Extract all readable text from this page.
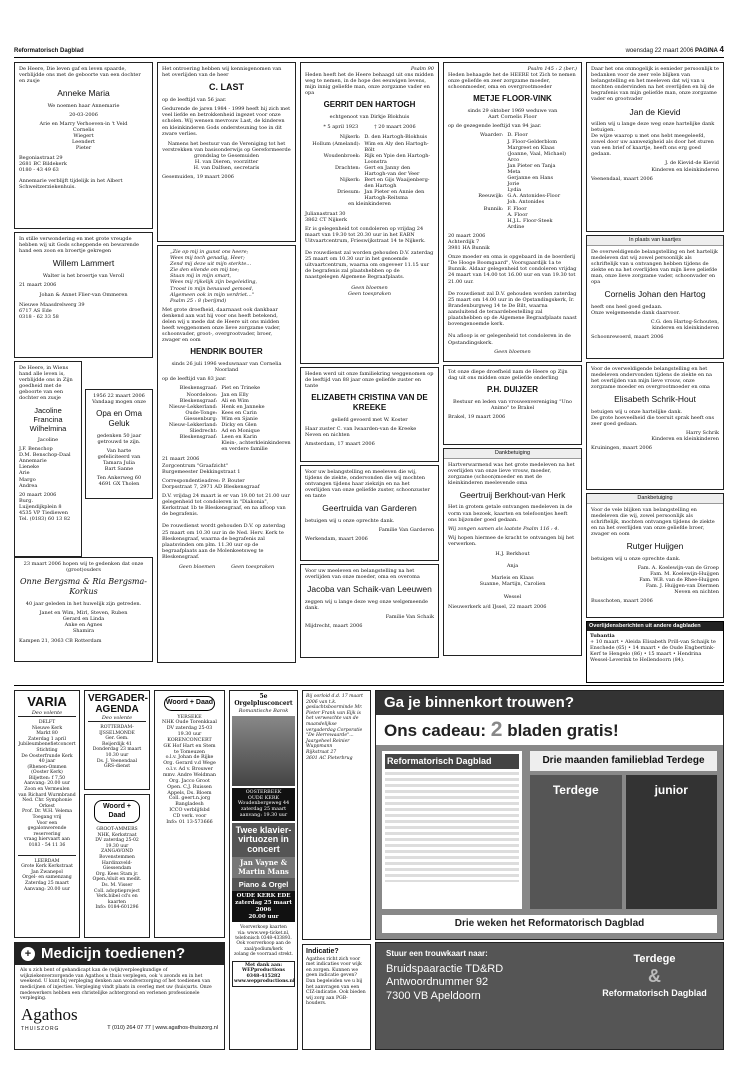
Reformatorisch Dagblad	woensdag 22 maart 2006 PAGINA 4
De Heere, Die leven gaf en leven spaarde, verblijdde ons met de geboorte van een dochter en zusje
Anneke Maria
We noemen haar Annemarie
20-03-2006
Arie en Marry Verhoeven-in 't Veld
Cornelis
Wiegert
Leendert
Pieter
Begoniastraat 29
2681 BC Bildekerk
0180 - 43 49 63
Annemarie verblijft tijdelijk in het Albert Schweitzerziekenhuis.
In stille verwondering en met grote vreugde hebben wij uit Gods scheppende en bewarende hand een zoon en broertje gekregen
Willem Lammert
Walter is het broertje van Veroll
21 maart 2006
Johan & Annet Flier-van Ommeren
Nieuwe Maasdrelwerg 39
6717 AS Ede
0318 - 62 33 58
De Heere, in Wiens hand alle leven is, verblijdde ons in Zijn goedheid met de geboorte van een dochter en zusje
Jacoline Francina Wilhelmina
Jacoline
J.F. Benschop
D.M. Benschop-Daal
Annemarie
Lieneke
Arie
Margo
Andrea
20 maart 2006
Burg.
Luijendijkplein 8
4535 VP Tiediewen
Tel. (0183) 60 13 82
1956 22 maart 2006
Vandaag mogen onze
Opa en Oma Geluk
gedenken 50 jaar getrouwd te zijn.
Van harte gefeliciteerd van
Tamara Julia
Bart Sanne
Ten Ankerweg 60
4691 GX Tholen
23 maart 2006 hopen wij te gedenken dat onze (groot)ouders
Onne Bergsma & Ria Bergsma-Korkus
40 jaar geleden in het huwelijk zijn getreden.
Janet en Wim, Mirl, Steven, Ruben
Gerard en Linda
Anke en Agnes
Shamira
Kampen 21, 3063 CB Rotterdam
Het ontroering hebben wij kennisgenomen van het overlijden van de heer
C. LAST
op de leeftijd van 56 jaar.
Gedurende de jaren 1984 - 1999 heeft hij zich met veel liefde en betrokkenheid ingezet voor onze scholen. Wij wensen mevrouw Last, de kinderen en kleinkinderen Gods ondersteuning toe in dit zware verlies.
Namens het bestuur van de Vereniging tot het verstrekken van basisonderwijs op Gereformeerde grondslag te Gesemuiden
H. van Dieren, voorzitter
H. van Dalfsen, secretaris
Gesemuiden, 19 maart 2006
„Zie op mij in gunst ons heere;
Wees mij toch genadig, Heer;
Zend mij deze uit mijn sterkte...
Zie den ellende om mij toe;
Staan mij in mijn smart,
Wees mij rijkelijk zijn begeleiding,
Troost in mijn benauwd gemoed,
Algemeen ook in mijn verdriet..."
Psalm 25 : 8 (berijmd)
Met grote droefheid, daarnaast ook dankbaar denkend aan wat hij voor ons heeft betekend, delen wij u mede dat de Heere uit ons midden heeft weggenomen onze lieve zorgzame vader, schoonvader, groot-, overgrootvader, broer, zwager en oom
HENDRIK BOUTER
sinds 26 juli 1996 weduwnaar van Cornelia Noorland
op de leeftijd van 83 jaar.
Bleskensgraaf: Piet en Trineke
Noordeloos: Jan en Elly
Bleskensgraaf: Ali en Wim
Nieuw-Lekkerland: Henk en Janneke
Oude-Tonge: Kees en Carin
Giessenburg: Wim en Sjanie
Nieuw-Lekkerland: Dicky en Glen
Sliedrecht: Ad en Monique
Bleskensgraaf: Leen en Karin
Klein-, achterkleinkinderen en verdere familie
21 maart 2006
Zorgcentrum "Graafzicht"
Burgemeester Dekkingstraat 1
Correspondentieadres: P. Bouter
Dorpsstraat 7, 2971 AD Bleskensgraaf
D.V. vrijdag 24 maart is er van 19.00 tot 21.00 uur gelegenheid tot condoleren in "Diakonia", Kerkstraat 1b te Bleskensgraaf, en na afloop van de begrafenis.

De rouwdienst wordt gehouden D.V. op zaterdag 25 maart om 10.30 uur in de Ned. Herv. Kerk te Bleskensgraaf, waarna de begrafenis zal plaatsvinden om plm. 11.30 uur op de begraafplaats aan de Molenkeetsweg te Bleskensgraaf.
Geen bloemen          Geen toespraken
Psalm 90
Heden heeft het de Heere behaagd uit ons midden weg te nemen, in de hope des eeuwigen levens, mijn innig geliefde man, onze zorgzame vader en opa
GERRIT DEN HARTOGH
echtgenoot van Dirkje Blokhuis
* 5 april 1923          † 20 maart 2006
Nijkerk: D. den Hartogh-Blokhuis
Hollum (Ameland): Wim en Aly den Hartogh-Bölt
Woudenbroek: Rijk en Ypie den Hartogh-Loonstra
Drachten: Gert en Janny den Hartogh-van der Veer
Nijkerk: Bert en Gijs Waaijenberg-den Hartogh
Driesum: Jan Pieter en Annie den Hartogh-Reitsma
en kleinkinderen
Julianastraat 30
3862 CT Nijkerk
Er is gelegenheid tot condoleren op vrijdag 24 maart van 19.30 tot 20.30 uur in het EABN Uitvaartcentrum, Frieswijkstraat 14 te Nijkerk.

De rouwdienst zal worden gehouden D.V. zaterdag 25 maart om 10.30 uur in het genoemde uitvaartcentrum, waarna om ongeveer 11.15 uur de begrafenis zal plaatshebben op de naastgelegen Algemene Begraafplaats.
Geen bloemen
Geen toespraken
Heden werd uit onze familiekring weggenomen op de leeftijd van 88 jaar onze geliefde zuster en tante
ELIZABETH CRISTINA VAN DE KREEKE
geliefd gevoerd met W. Koster
Haar zuster C. van Iwaarden-van de Kreeke
Neven en nichten
Amsterdam, 17 maart 2006
Voor uw belangstelling en meeleven die wij, tijdens de ziekte, ondervonden die wij mochten ontvangen tijdens haar ziekzijn en na het overlijden van onze geliefde zuster, schoonzuster en tante
Geertruida van Garderen
betuigen wij u onze oprechte dank.
Familie Van Garderen
Werkendam, maart 2006
Voor uw meeleven en belangstelling na het overlijden van onze moeder, oma en overoma
Jacoba van Schaik-van Leeuwen
zeggen wij u lange deze weg onze welgemeende dank.
Familie Van Schaik
Mijdrecht, maart 2006
Psalm 145 : 2 (ber.)
Heden behaagde het de HEERE tot Zich te nemen onze geliefde en zeer zorgzame moeder, schoonmoeder, oma en overgrootmoeder
METJE FLOOR-VINK
sinds 29 oktober 1969 weduwe van
Aart Cornelis Floor
op de gezegende leeftijd van 94 jaar.
Waarder: D. Floor
J. Floor-Gelderblom
Margreet en Klaas
(Joanne, Vaal, Michael)
Arco
Jan Pieter en Tanja
Meta
Gerjanne en Hans
Jorie
Lydia
Reeuwijk: G.A. Antonides-Floor
Joh. Antonides
Bunnik: F. Floor
A. Floor
H.J.L. Floor-Steek
Ardine
20 maart 2006
Achterdijk 7
3981 HA Bunnik
Onze moeder en oma is opgebaard in de boerderij "De Hooge Boomgaard", Voorsgaardijk 1a te Bunnik. Aldaar gelegenheid tot condoleren vrijdag 24 maart van 14.00 tot 16.00 uur en van 19.30 tot 21.00 uur.

De rouwdienst zal D.V. gehouden worden zaterdag 25 maart om 14.00 uur in de Opstandingskerk, Ir. Brandenburgweg 14 te De Bilt, waarna aansluitend de teraardebestelling zal plaatshebben op de Algemene Begraafplaats naast bovengenoemde kerk.

Nu afloop is er gelegenheid tot condoleren in de Opstandingskerk.
Geen bloemen
Tot onze diepe droefheid nam de Heere op Zijn dag uit ons midden onze geliefde onderling
P.H. DUIJZER
Bestuur en leden van vrouwenvereniging "Uno Animo" te Brakel
Brakel, 19 maart 2006
Dankbetuiging
Hartverwarmend was het grote medeleven na het overlijden van onze lieve vrouw, moeder, zorgzame (schoon)moeder en met de kleinkinderen meelevende oma
Geertruij Berkhout-van Herk
Het in grotem getale ontvangen medeleven in de vorm van bezoek, kaarten en telefoontjes heeft ons bijzonder goed gedaan.
Wij zongen samen als laatste Psalm 116 : 4.
Wij hopen hiermee de kracht te ontvangen bij het verwerken.
H.J. Berkhout

Anja

Marleis en Klaas
Suanne, Martijn, Carolien

Wessel
Nieuwerkerk a/d IJssel, 22 maart 2006
Daar het ons onmogelijk is eenieder persoonlijk te bedanken voor de zeer vele blijken van belangstelling en het meeleven dat wij van u mochten ondervinden na het overlijden en bij de begrafenis van mijn geliefde man, onze zorgzame vader en grootvader
Jan de Kievid
willen wij u lange deze weg onze hartelijke dank betuigen.
De wijze waarop u met ons hebt meegeleefd, zowel door uw aanwezigheid als door het sturen van een brief of kaartje, heeft ons erg goed gedaan.
J. de Kievid-de Kievid
Kinderen en kleinkinderen
Veenendaal, maart 2006
In plaats van kaartjes
De overweldigende belangstelling en het hartelijk medeleven dat wij zowel persoonlijk als schriftelijk van u ontvangen hebben tijdens de ziekte en na het overlijden van mijn lieve geliefde man, onze lieve zorgzame vader, schoonvader en opa
Cornelis Johan den Hartog
heeft ons heel goed gedaan.
Onze welgemeende dank daarvoor.
C.G. den Hartog-Schouten,
kinderen en kleinkinderen
Schoonrewoerd, maart 2006
Voor de overweldigende belangstelling en het medeleven ondervonden tijdens de ziekte en na het overlijden van mijn lieve vrouw, onze zorgzame moeder en overgrootmoeder en oma
Elisabeth Schrik-Hout
betuigen wij u onze hartelijke dank.
De grote hoeveelheid die toeruit sprak heeft ons zeer goed gedaan.
Harry Schrik
Kinderen en kleinkinderen
Kruiningen, maart 2006
Dankbetuiging
Voor de vele blijken van belangstelling en medeleven die wij, zowel persoonlijk als schriftelijk, mochten ontvangen tijdens de ziekte en na het overlijden van onze geliefde broer, zwager en oom
Rutger Huijgen
betuigen wij u onze oprechte dank.
Fam. A. Koelewijn-van de Groep
Fam. M. Koelewijn-Huijgen
Fam. W.B. van de Rhee-Huijgen
Fam. J. Huijgen-van Diermen
Neven en nichten
Busschoten, maart 2006
Overlijdensberichten uit andere dagbladen
Tubantia
+ 10 maart • Aleida Elisabeth Prill-van Schaijk te Enschede (65) • 14 maart • de Oude Engbertink-Kerf te Hengelo (86) • 15 maart • Hendrina Wessel-Leverink te Hellendoorn (84).
VARIA
Deo volente
DELFT
Nieuwe Kerk
Markt 80
Zaterdag 1 april
Jubileumbenefietconcert
Stichting
De Oosterfrunde Kerk
40 jaar
(Rhenen-Ommen (Ooster Kerk)
Biljetten: f 7,50
Aanvang: 20.00 uur
Zoon en Vermeulen
van Richard Wurmbrand
Ned. Chr. Symphonie
Orkest
Prof. Dr. W.H. Velema
Toegang vrij
Voor een gegalonwerende
reservering
vraag hiervaart aan
0183 - 54 11 36
LEERDAM
Grote Kerk Kerkstraat
Jan Zwanepol
Orgel- en samenzang
Zaterdag 25 maart
Aanvang: 20.00 uur
VERGADER-AGENDA
Deo volente
ROTTERDAM-IJSSELMONDE
Ger. Gem.
Reijerdijk 41
Donderdag 23 maart
10.30 uur
Ds. J. Veenendaal
GRS-dienst
Woord + Daad
GROOT-AMMERS
NHK, Kerkstraat
DV zaterdag 25-02
19.30 uur
ZANGAVOND
Bovenstemmen
Hardinxveld-Giessendam
Org. Kees Stam jr.
Open./sluit en medit.
Ds. M. Visser
Coll. adoptieproject
Verk.bibel cd's en kaarten
Info: 0184-601296
Woord + Daad
YERSEKE
NHK Oude Torenkkaal
DV zaterdag 25-03
19.30 uur
KORENCONCERT
GK Hof Hart en Stem
te Tomeuzen
o.l.v. Johan de Rijke
Org. Gerard v.d Wege
o.l.v. Ad v. Brouwer
mmv. Andre Weldman
Org. Jacco Groot
Open. C.J. Ruissen
Appels, Ds. Bloem
Coll. geert.n.jorg
Bangladesh
ICCO verblijfsbd
CD verk. voor
Info: 01 13-573666
+ Medicijn toedienen?
Als u zich bent of gehandicapt kan de (wijk)verpleegkundige of wijkziekenverzorgende van Agathos u thuis verplegen, ook 's avonds en in het weekend. U kunt bij verpleging denken aan wondverzorging of het toedienen van medicijnen of injecties. Verpleging vindt plaats in overleg met uw (huis)arts. Onze medewerkers hebben een christelijke achtergrond en verlenen professionele verpleging.
Agathos
THUISZORG	T (010) 264 07 77 | www.agathos-thuiszorg.nl
5e Orgelplusconcert
Romantische Barok
OOSTERBEEK
OUDE KERK
Woudenbergeweg 44
zaterdag 25 maart
aanvang: 19.30 uur
Twee klavier-virtuozen in concert
Jan Vayne & Martin Mans
Piano & Orgel
OUDE KERK EDE
zaterdag 25 maart 2006
20.00 uur
Voorverkoop kaarten
via: www.wep-ticket.nl,
telefonisch 0348-433893.
Ook voorverkoop aan de zaal/podium/kerk
zolang de voorraad strekt.
Met dank aan:
WEPproductions
0348-415282
www.wepproductions.nl
Bij oorloid d.d. 17 maart 2006 van t.k. geslachtsboorminde Mr. Pieter Frank van Eijk is het verweschte van de maandelijkse vergaderdag Corporatie "De Herrewaarde"...
Jaargeheel Reinier Wuppmann
Rijkstraat 27
3601 AC Pieterbrug
Indicatie?
Agathos richt zich voor met indicaties voor wijk en zorgen. Kunnen we geen indicatie geven? Dan begeleiden we u bij het aanvragen van een CIZ-indicatie. Ook bieden wij zorg aan PGB-houders.
Ga je binnenkort trouwen?
Ons cadeau: 2 bladen gratis!
Reformatorisch Dagblad	Drie maanden familieblad Terdege
Terdege	junior
Drie weken het Reformatorisch Dagblad
Stuur een trouwkaart naar:
Bruidspaaractie TD&RD
Antwoordnummer 92
7300 VB Apeldoorn
Terdege
&
Reformatorisch Dagblad
